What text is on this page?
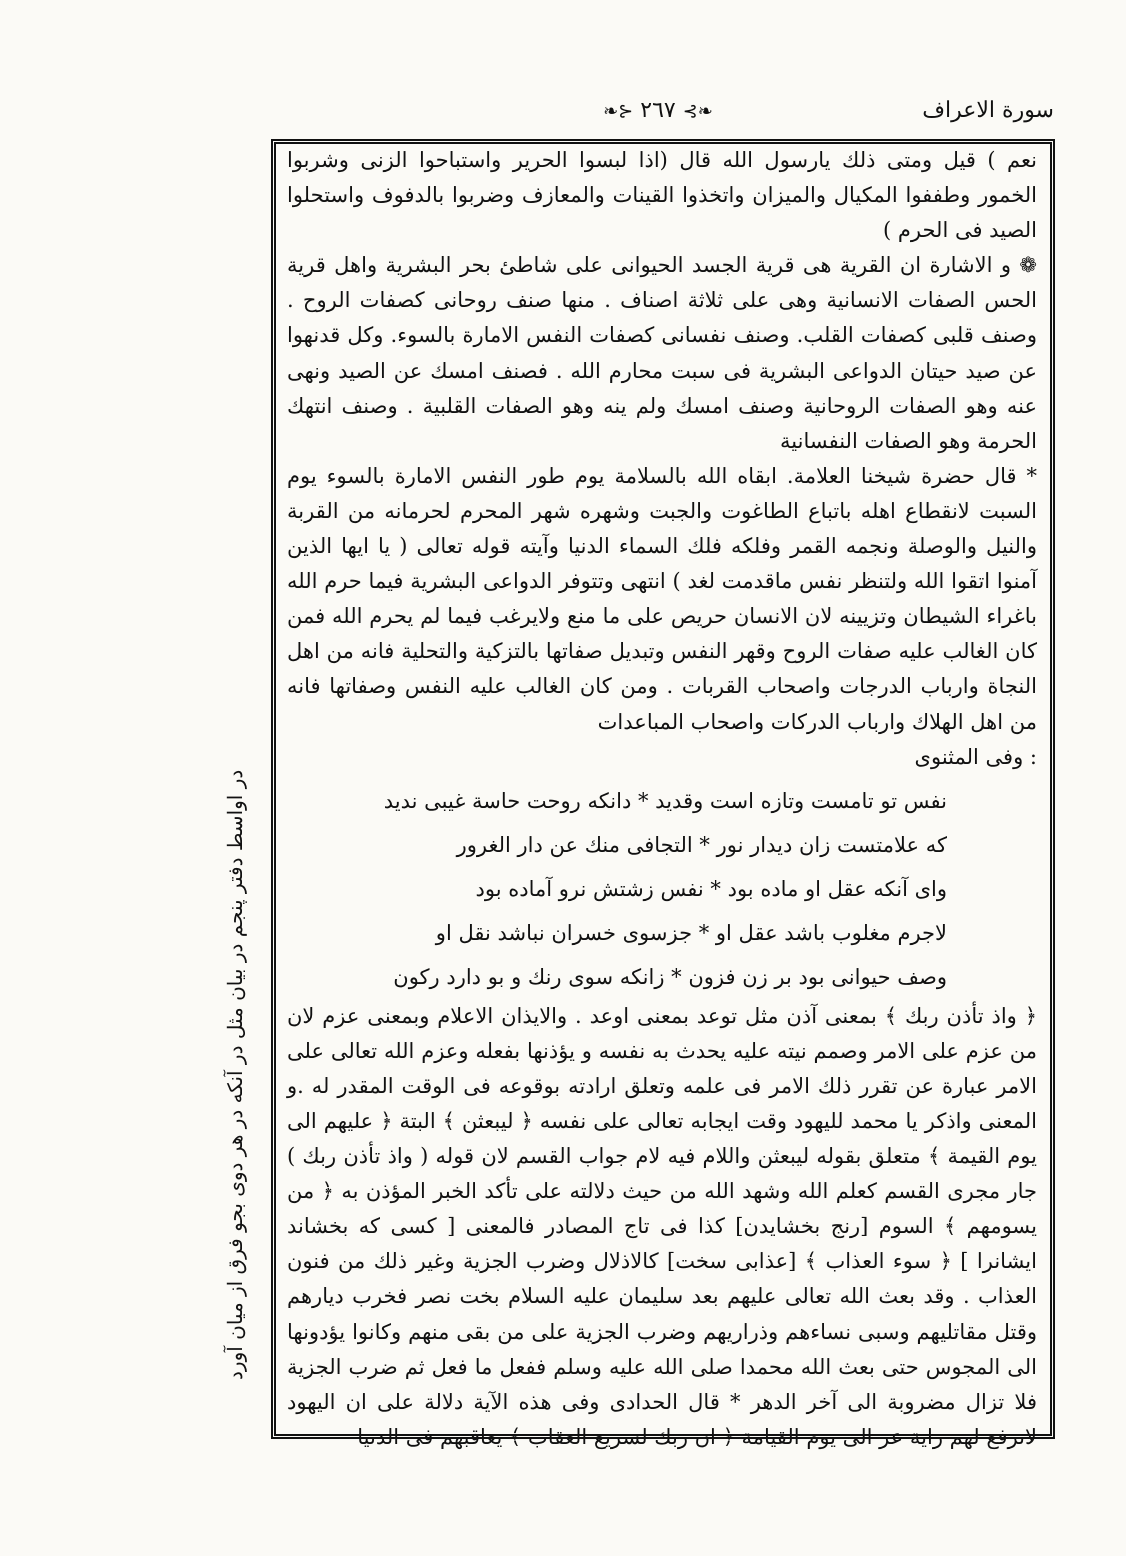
سورة الاعراف
❧⊱ ٢٦٧ ⊰❧

نعم ) قيل ومتى ذلك يارسول الله قال (اذا لبسوا الحرير واستباحوا الزنى وشربوا الخمور وطففوا المكيال والميزان واتخذوا القينات والمعازف وضربوا بالدفوف واستحلوا الصيد فى الحرم )

❁ و الاشارة ان القرية هى قرية الجسد الحيوانى على شاطئ بحر البشرية واهل قرية الحس الصفات الانسانية وهى على ثلاثة اصناف . منها صنف روحانى كصفات الروح . وصنف قلبى كصفات القلب. وصنف نفسانى كصفات النفس الامارة بالسوء. وكل قدنهوا عن صيد حيتان الدواعى البشرية فى سبت محارم الله . فصنف امسك عن الصيد ونهى عنه وهو الصفات الروحانية وصنف امسك ولم ينه وهو الصفات القلبية . وصنف انتهك الحرمة وهو الصفات النفسانية

* قال حضرة شيخنا العلامة. ابقاه الله بالسلامة يوم طور النفس الامارة بالسوء يوم السبت لانقطاع اهله باتباع الطاغوت والجبت وشهره شهر المحرم لحرمانه من القربة والنيل والوصلة ونجمه القمر وفلكه فلك السماء الدنيا وآيته قوله تعالى ( يا ايها الذين آمنوا اتقوا الله ولتنظر نفس ماقدمت لغد ) انتهى وتتوفر الدواعى البشرية فيما حرم الله باغراء الشيطان وتزيينه لان الانسان حريص على ما منع ولايرغب فيما لم يحرم الله فمن كان الغالب عليه صفات الروح وقهر النفس وتبديل صفاتها بالتزكية والتحلية فانه من اهل النجاة وارباب الدرجات واصحاب القربات . ومن كان الغالب عليه النفس وصفاتها فانه من اهل الهلاك وارباب الدركات واصحاب المباعدات

: وفى المثنوى

نفس تو تامست وتازه است وقديد * دانكه روحت حاسة غيبى نديد
كه علامتست زان ديدار نور * التجافى منك عن دار الغرور
واى آنكه عقل او ماده بود * نفس زشتش نرو آماده بود
لاجرم مغلوب باشد عقل او * جزسوى خسران نباشد نقل او
وصف حيوانى بود بر زن فزون * زانكه سوى رنك و بو دارد ركون

﴿ واذ تأذن ربك ﴾ بمعنى آذن مثل توعد بمعنى اوعد . والايذان الاعلام وبمعنى عزم لان من عزم على الامر وصمم نيته عليه يحدث به نفسه و يؤذنها بفعله وعزم الله تعالى على الامر عبارة عن تقرر ذلك الامر فى علمه وتعلق ارادته بوقوعه فى الوقت المقدر له .و المعنى واذكر يا محمد لليهود وقت ايجابه تعالى على نفسه ﴿ ليبعثن ﴾ البتة ﴿ عليهم الى يوم القيمة ﴾ متعلق بقوله ليبعثن واللام فيه لام جواب القسم لان قوله ( واذ تأذن ربك ) جار مجرى القسم كعلم الله وشهد الله من حيث دلالته على تأكد الخبر المؤذن به ﴿ من يسومهم ﴾ السوم [رنج بخشايدن] كذا فى تاج المصادر فالمعنى [ كسى كه بخشاند ايشانرا ] ﴿ سوء العذاب ﴾ [عذابى سخت] كالاذلال وضرب الجزية وغير ذلك من فنون العذاب . وقد بعث الله تعالى عليهم بعد سليمان عليه السلام بخت نصر فخرب ديارهم وقتل مقاتليهم وسبى نساءهم وذراريهم وضرب الجزية على من بقى منهم وكانوا يؤدونها الى المجوس حتى بعث الله محمدا صلى الله عليه وسلم ففعل ما فعل ثم ضرب الجزية فلا تزال مضروبة الى آخر الدهر * قال الحدادى وفى هذه الآية دلالة على ان اليهود لاترفع لهم راية عز الى يوم القيامة ﴿ ان ربك لسريع العقاب ﴾ يعاقبهم فى الدنيا

در اواسط دفتر پنجم در بيان مثل در آنكه در هر دوى بجو فرق از ميان آورد
